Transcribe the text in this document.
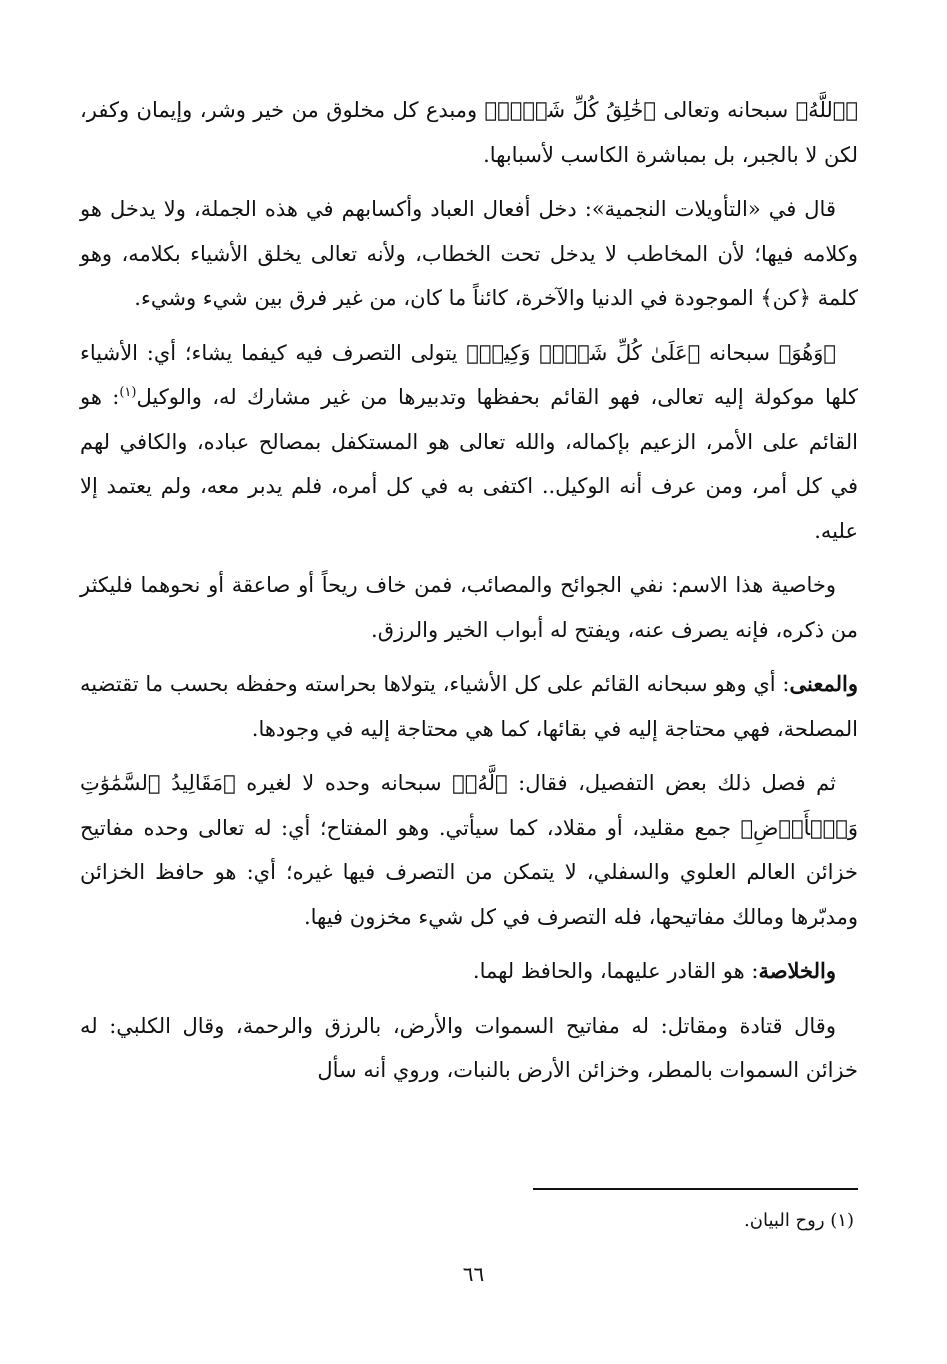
﴿ٱللَّهُ﴾ سبحانه وتعالى ﴿خَٰلِقُ كُلِّ شَيۡءٖ﴾ ومبدع كل مخلوق من خير وشر، وإيمان وكفر، لكن لا بالجبر، بل بمباشرة الكاسب لأسبابها.

قال في «التأويلات النجمية»: دخل أفعال العباد وأكسابهم في هذه الجملة، ولا يدخل هو وكلامه فيها؛ لأن المخاطب لا يدخل تحت الخطاب، ولأنه تعالى يخلق الأشياء بكلامه، وهو كلمة ﴿كن﴾ الموجودة في الدنيا والآخرة، كائناً ما كان، من غير فرق بين شيء وشيء.

﴿وَهُوَ﴾ سبحانه ﴿عَلَىٰ كُلِّ شَيۡءٖ وَكِيلٞ﴾ يتولى التصرف فيه كيفما يشاء؛ أي: الأشياء كلها موكولة إليه تعالى، فهو القائم بحفظها وتدبيرها من غير مشارك له، والوكيل$^{(١)}$: هو القائم على الأمر، الزعيم بإكماله، والله تعالى هو المستكفل بمصالح عباده، والكافي لهم في كل أمر، ومن عرف أنه الوكيل.. اكتفى به في كل أمره، فلم يدبر معه، ولم يعتمد إلا عليه.

وخاصية هذا الاسم: نفي الجوائح والمصائب، فمن خاف ريحاً أو صاعقة أو نحوهما فليكثر من ذكره، فإنه يصرف عنه، ويفتح له أبواب الخير والرزق.

والمعنى: أي وهو سبحانه القائم على كل الأشياء، يتولاها بحراسته وحفظه بحسب ما تقتضيه المصلحة، فهي محتاجة إليه في بقائها، كما هي محتاجة إليه في وجودها.

ثم فصل ذلك بعض التفصيل، فقال: ﴿لَّهُۥ﴾ سبحانه وحده لا لغيره ﴿مَقَالِيدُ ٱلسَّمَٰوَٰتِ وَٱلۡأَرۡضِ﴾ جمع مقليد، أو مقلاد، كما سيأتي. وهو المفتاح؛ أي: له تعالى وحده مفاتيح خزائن العالم العلوي والسفلي، لا يتمكن من التصرف فيها غيره؛ أي: هو حافظ الخزائن ومدبّرها ومالك مفاتيحها، فله التصرف في كل شيء مخزون فيها.

والخلاصة: هو القادر عليهما، والحافظ لهما.

وقال قتادة ومقاتل: له مفاتيح السموات والأرض، بالرزق والرحمة، وقال الكلبي: له خزائن السموات بالمطر، وخزائن الأرض بالنبات، وروي أنه سأل

(١) روح البيان.
٦٦
